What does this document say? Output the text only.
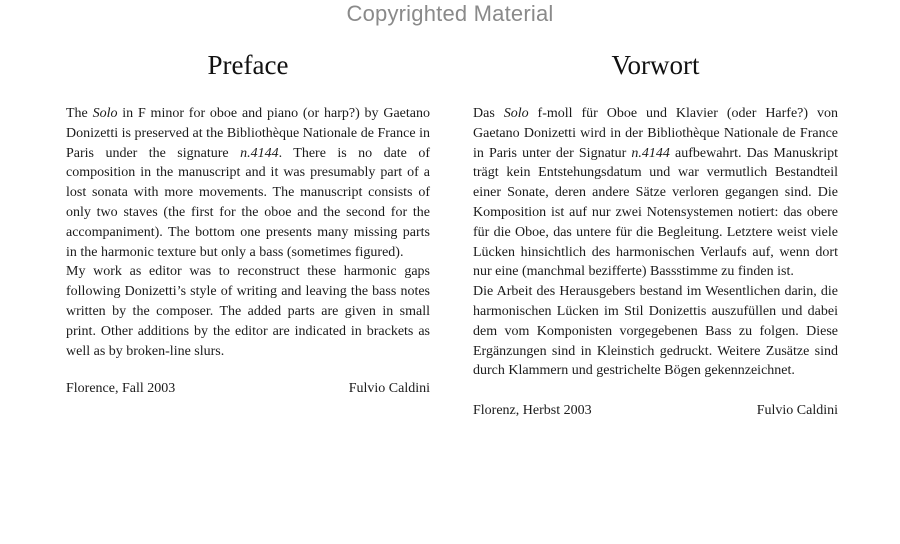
Copyrighted Material
Preface

The Solo in F minor for oboe and piano (or harp?) by Gaetano Donizetti is preserved at the Bibliothèque Nationale de France in Paris under the signature n.4144. There is no date of composition in the manuscript and it was presumably part of a lost sonata with more movements. The manuscript consists of only two staves (the first for the oboe and the second for the accompaniment). The bottom one presents many missing parts in the harmonic texture but only a bass (sometimes figured).

My work as editor was to reconstruct these harmonic gaps following Donizetti’s style of writing and leaving the bass notes written by the composer. The added parts are given in small print. Other additions by the editor are indicated in brackets as well as by broken-line slurs.

Florence, Fall 2003	Fulvio Caldini
Vorwort

Das Solo f-moll für Oboe und Klavier (oder Harfe?) von Gaetano Donizetti wird in der Bibliothèque Nationale de France in Paris unter der Signatur n.4144 aufbewahrt. Das Manuskript trägt kein Entstehungsdatum und war vermutlich Bestandteil einer Sonate, deren andere Sätze verloren gegangen sind. Die Komposition ist auf nur zwei Notensystemen notiert: das obere für die Oboe, das untere für die Begleitung. Letztere weist viele Lücken hinsichtlich des harmonischen Verlaufs auf, wenn dort nur eine (manchmal bezifferte) Bassstimme zu finden ist.

Die Arbeit des Herausgebers bestand im Wesentlichen darin, die harmonischen Lücken im Stil Donizettis auszufüllen und dabei dem vom Komponisten vorgegebenen Bass zu folgen. Diese Ergänzungen sind in Kleinstich gedruckt. Weitere Zusätze sind durch Klammern und gestrichelte Bögen gekennzeichnet.

Florenz, Herbst 2003	Fulvio Caldini
